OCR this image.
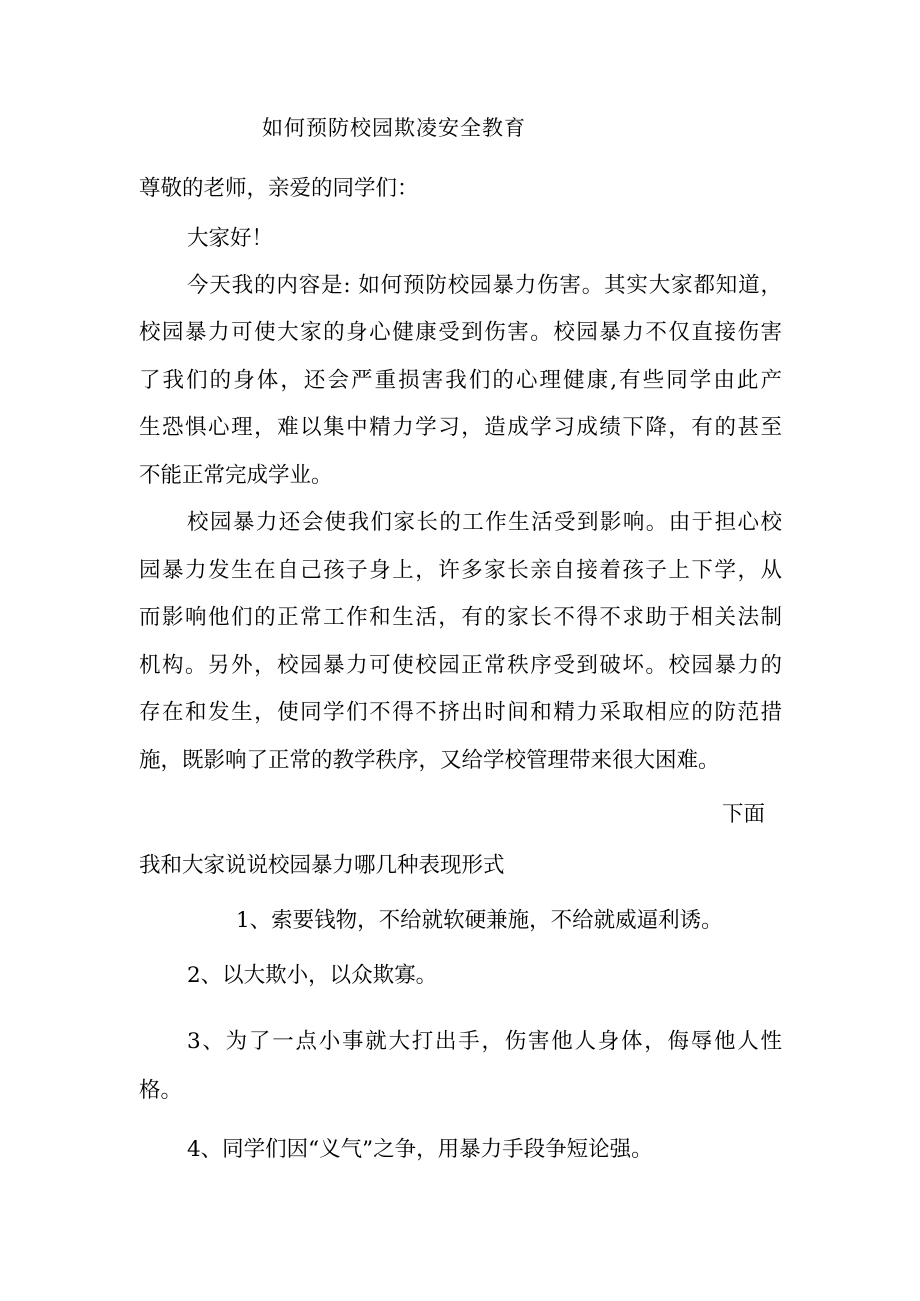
如何预防校园欺凌安全教育
尊敬的老师，亲爱的同学们：
大家好！
今天我的内容是: 如何预防校园暴力伤害。其实大家都知道，
校园暴力可使大家的身心健康受到伤害。校园暴力不仅直接伤害
了我们的身体，还会严重损害我们的心理健康,有些同学由此产
生恐惧心理，难以集中精力学习，造成学习成绩下降，有的甚至
不能正常完成学业。
校园暴力还会使我们家长的工作生活受到影响。由于担心校
园暴力发生在自己孩子身上，许多家长亲自接着孩子上下学，从
而影响他们的正常工作和生活，有的家长不得不求助于相关法制
机构。另外，校园暴力可使校园正常秩序受到破坏。校园暴力的
存在和发生，使同学们不得不挤出时间和精力采取相应的防范措
施，既影响了正常的教学秩序，又给学校管理带来很大困难。
下面
我和大家说说校园暴力哪几种表现形式
1、索要钱物，不给就软硬兼施，不给就威逼利诱。
2、以大欺小，以众欺寡。
3、为了一点小事就大打出手，伤害他人身体，侮辱他人性
格。
4、同学们因“义气”之争，用暴力手段争短论强。
